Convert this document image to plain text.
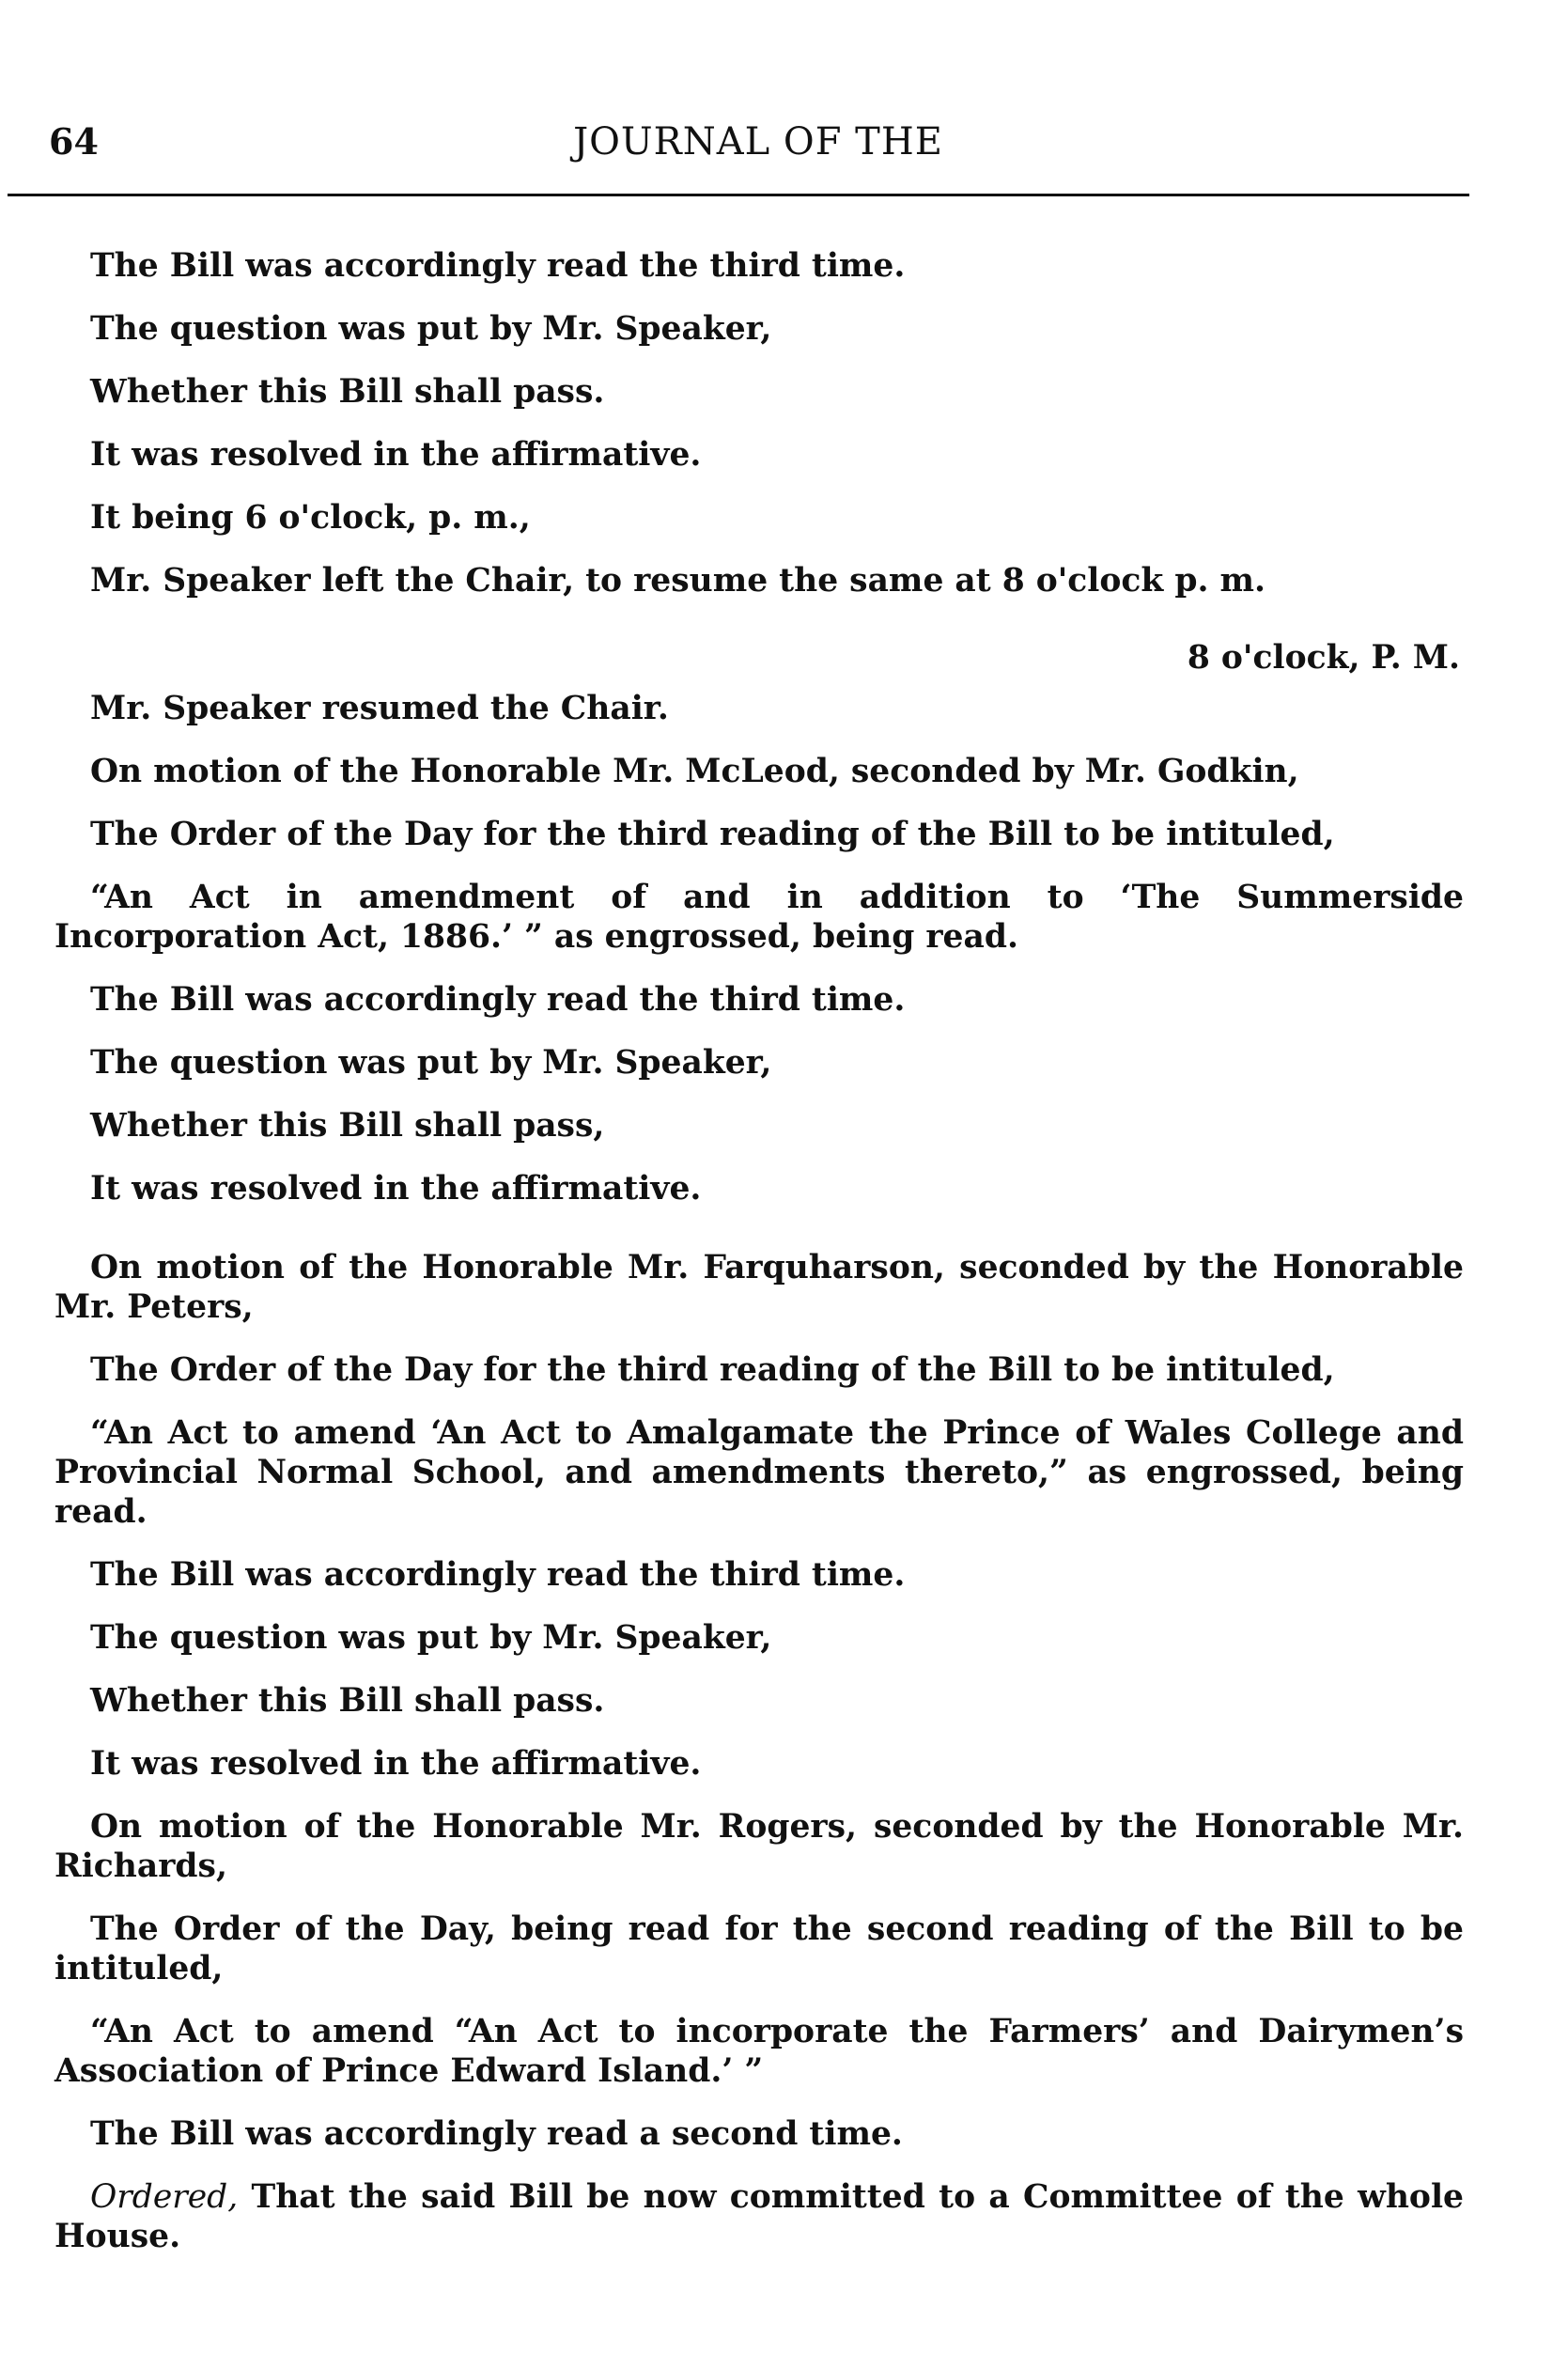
64	JOURNAL OF THE

The Bill was accordingly read the third time.

The question was put by Mr. Speaker,

Whether this Bill shall pass.

It was resolved in the affirmative.

It being 6 o'clock, p. m.,

Mr. Speaker left the Chair, to resume the same at 8 o'clock p. m.

8 o'clock, P. M.

Mr. Speaker resumed the Chair.

On motion of the Honorable Mr. McLeod, seconded by Mr. Godkin,

The Order of the Day for the third reading of the Bill to be intituled,

“An Act in amendment of and in addition to ‘The Summerside Incorporation Act, 1886.’ ” as engrossed, being read.

The Bill was accordingly read the third time.

The question was put by Mr. Speaker,

Whether this Bill shall pass,

It was resolved in the affirmative.

On motion of the Honorable Mr. Farquharson, seconded by the Honorable Mr. Peters,

The Order of the Day for the third reading of the Bill to be intituled,

“An Act to amend ‘An Act to Amalgamate the Prince of Wales College and Provincial Normal School, and amendments thereto,” as engrossed, being read.

The Bill was accordingly read the third time.

The question was put by Mr. Speaker,

Whether this Bill shall pass.

It was resolved in the affirmative.

On motion of the Honorable Mr. Rogers, seconded by the Honorable Mr. Richards,

The Order of the Day, being read for the second reading of the Bill to be intituled,

“An Act to amend “An Act to incorporate the Farmers’ and Dairymen’s Association of Prince Edward Island.’ ”

The Bill was accordingly read a second time.

Ordered, That the said Bill be now committed to a Committee of the whole House.
